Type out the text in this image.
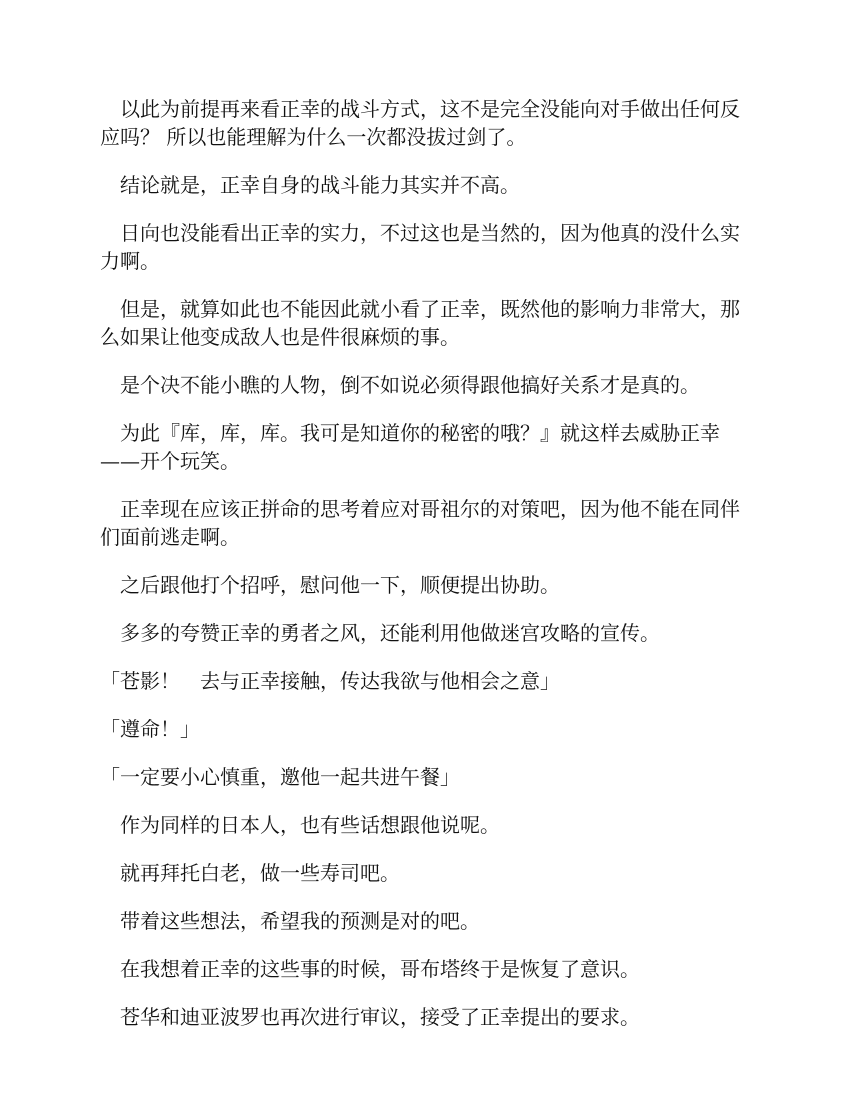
　以此为前提再来看正幸的战斗方式，这不是完全没能向对手做出任何反应吗？ 所以也能理解为什么一次都没拔过剑了。

　结论就是，正幸自身的战斗能力其实并不高。

　日向也没能看出正幸的实力，不过这也是当然的，因为他真的没什么实力啊。

　但是，就算如此也不能因此就小看了正幸，既然他的影响力非常大，那么如果让他变成敌人也是件很麻烦的事。

　是个决不能小瞧的人物，倒不如说必须得跟他搞好关系才是真的。

　为此『库，库，库。我可是知道你的秘密的哦？』就这样去威胁正幸——开个玩笑。

　正幸现在应该正拼命的思考着应对哥祖尔的对策吧，因为他不能在同伴们面前逃走啊。

　之后跟他打个招呼，慰问他一下，顺便提出协助。

　多多的夸赞正幸的勇者之风，还能利用他做迷宫攻略的宣传。

「苍影！　去与正幸接触，传达我欲与他相会之意」

「遵命！」

「一定要小心慎重，邀他一起共进午餐」

　作为同样的日本人，也有些话想跟他说呢。

　就再拜托白老，做一些寿司吧。

　带着这些想法，希望我的预测是对的吧。

　在我想着正幸的这些事的时候，哥布塔终于是恢复了意识。

　苍华和迪亚波罗也再次进行审议，接受了正幸提出的要求。
